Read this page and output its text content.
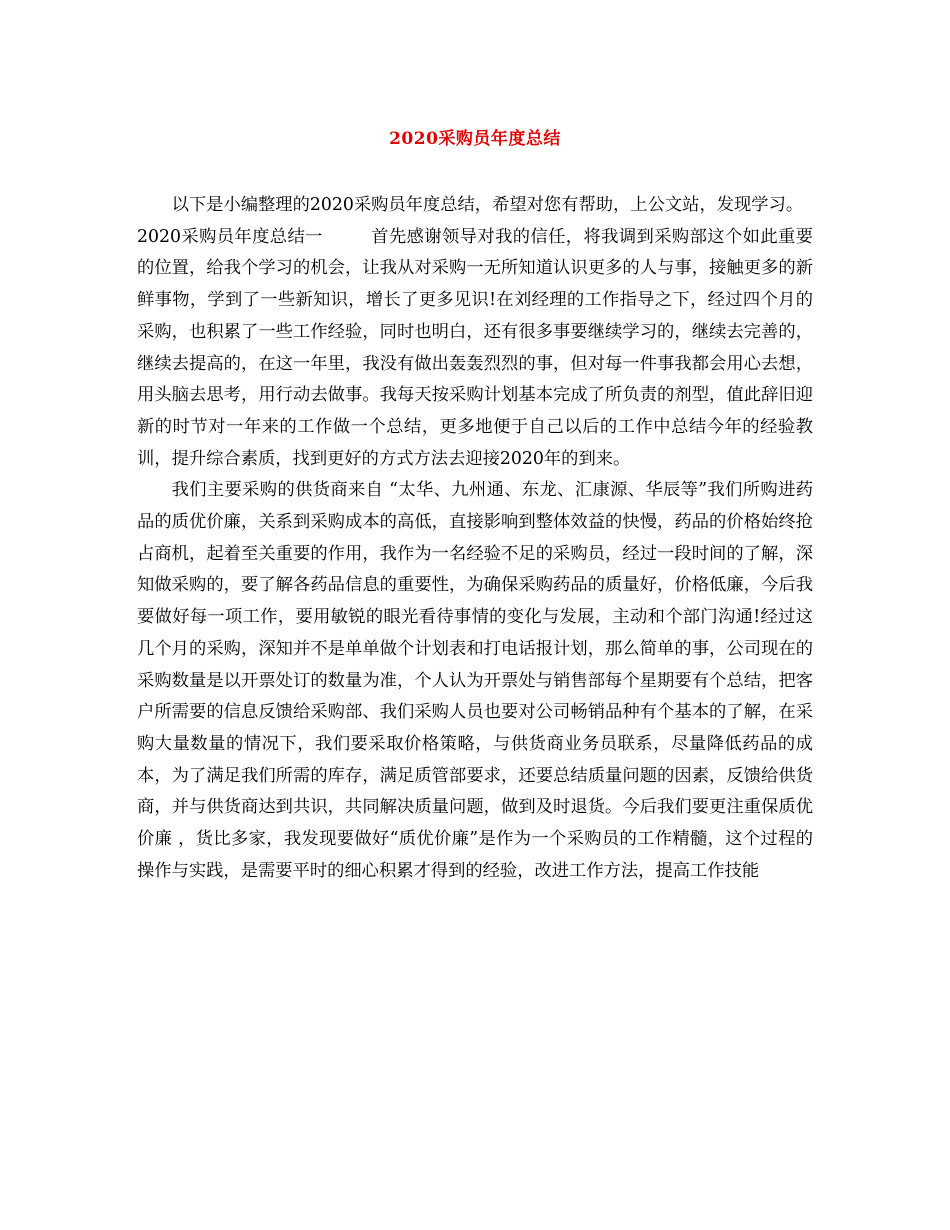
2020采购员年度总结

以下是小编整理的2020采购员年度总结，希望对您有帮助，上公文站，发现学习。

2020采购员年度总结一	首先感谢领导对我的信任，将我调到采购部这个如此重要的位置，给我个学习的机会，让我从对采购一无所知道认识更多的人与事，接触更多的新鲜事物，学到了一些新知识，增长了更多见识!在刘经理的工作指导之下，经过四个月的采购，也积累了一些工作经验，同时也明白，还有很多事要继续学习的，继续去完善的，继续去提高的，在这一年里，我没有做出轰轰烈烈的事，但对每一件事我都会用心去想，用头脑去思考，用行动去做事。我每天按采购计划基本完成了所负责的剂型，值此辞旧迎新的时节对一年来的工作做一个总结，更多地便于自己以后的工作中总结今年的经验教训，提升综合素质，找到更好的方式方法去迎接2020年的到来。

我们主要采购的供货商来自 “太华、九州通、东龙、汇康源、华辰等”我们所购进药品的质优价廉，关系到采购成本的高低，直接影响到整体效益的快慢，药品的价格始终抢占商机，起着至关重要的作用，我作为一名经验不足的采购员，经过一段时间的了解，深知做采购的，要了解各药品信息的重要性，为确保采购药品的质量好，价格低廉，今后我要做好每一项工作，要用敏锐的眼光看待事情的变化与发展，主动和个部门沟通!经过这几个月的采购，深知并不是单单做个计划表和打电话报计划，那么简单的事，公司现在的采购数量是以开票处订的数量为准，个人认为开票处与销售部每个星期要有个总结，把客户所需要的信息反馈给采购部、我们采购人员也要对公司畅销品种有个基本的了解，在采购大量数量的情况下，我们要采取价格策略，与供货商业务员联系，尽量降低药品的成本，为了满足我们所需的库存，满足质管部要求，还要总结质量问题的因素，反馈给供货商，并与供货商达到共识，共同解决质量问题，做到及时退货。今后我们要更注重保质优价廉 ，货比多家，我发现要做好“质优价廉”是作为一个采购员的工作精髓，这个过程的操作与实践，是需要平时的细心积累才得到的经验，改进工作方法，提高工作技能
